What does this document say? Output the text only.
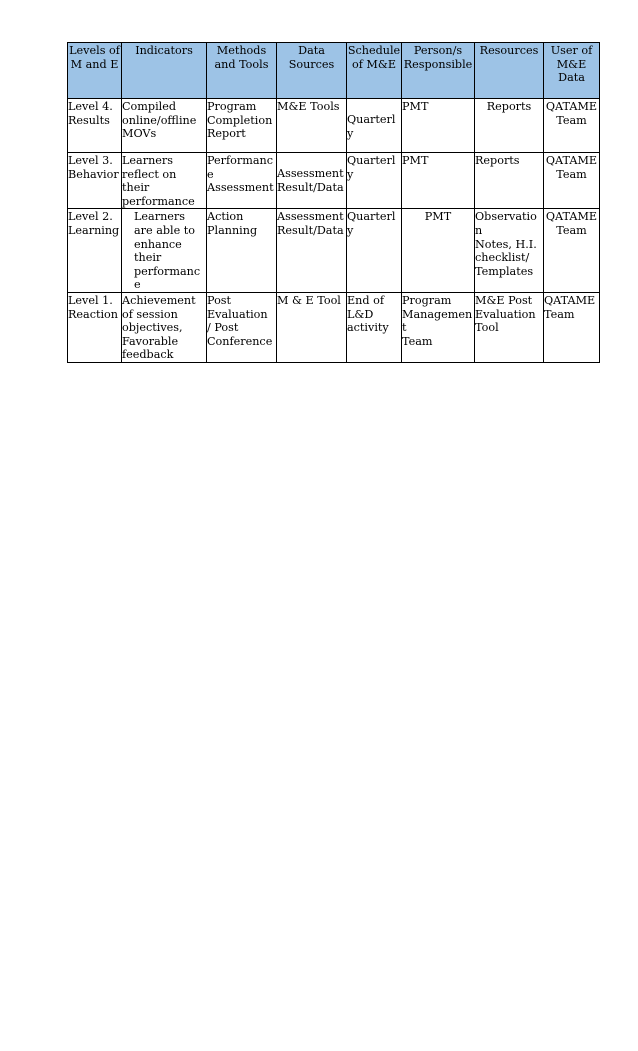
Levels of
M and E	Indicators	Methods
and Tools	Data
Sources	Schedule
of M&E	Person/s
Responsible	Resources	User of
M&E
Data
Level 4.
Results	Compiled
online/offline
MOVs	Program
Completion
Report	M&E Tools	Quarterly	PMT	Reports	QATAME
Team
Level 3.
Behavior	Learners
reflect on their
performance	Performance
Assessment	Assessment
Result/Data	Quarterly	PMT	Reports	QATAME
Team
Level 2.
Learning	Learners
are able to
enhance
their
performance	Action
Planning	Assessment
Result/Data	Quarterly	PMT	Observation
Notes, H.I.
checklist/
Templates	QATAME
Team
Level 1.
Reaction	Achievement
of session
objectives,
Favorable
feedback	Post
Evaluation
/ Post
Conference	M & E Tool	End of
L&D
activity	Program
Management
Team	M&E Post
Evaluation
Tool	QATAME
Team
